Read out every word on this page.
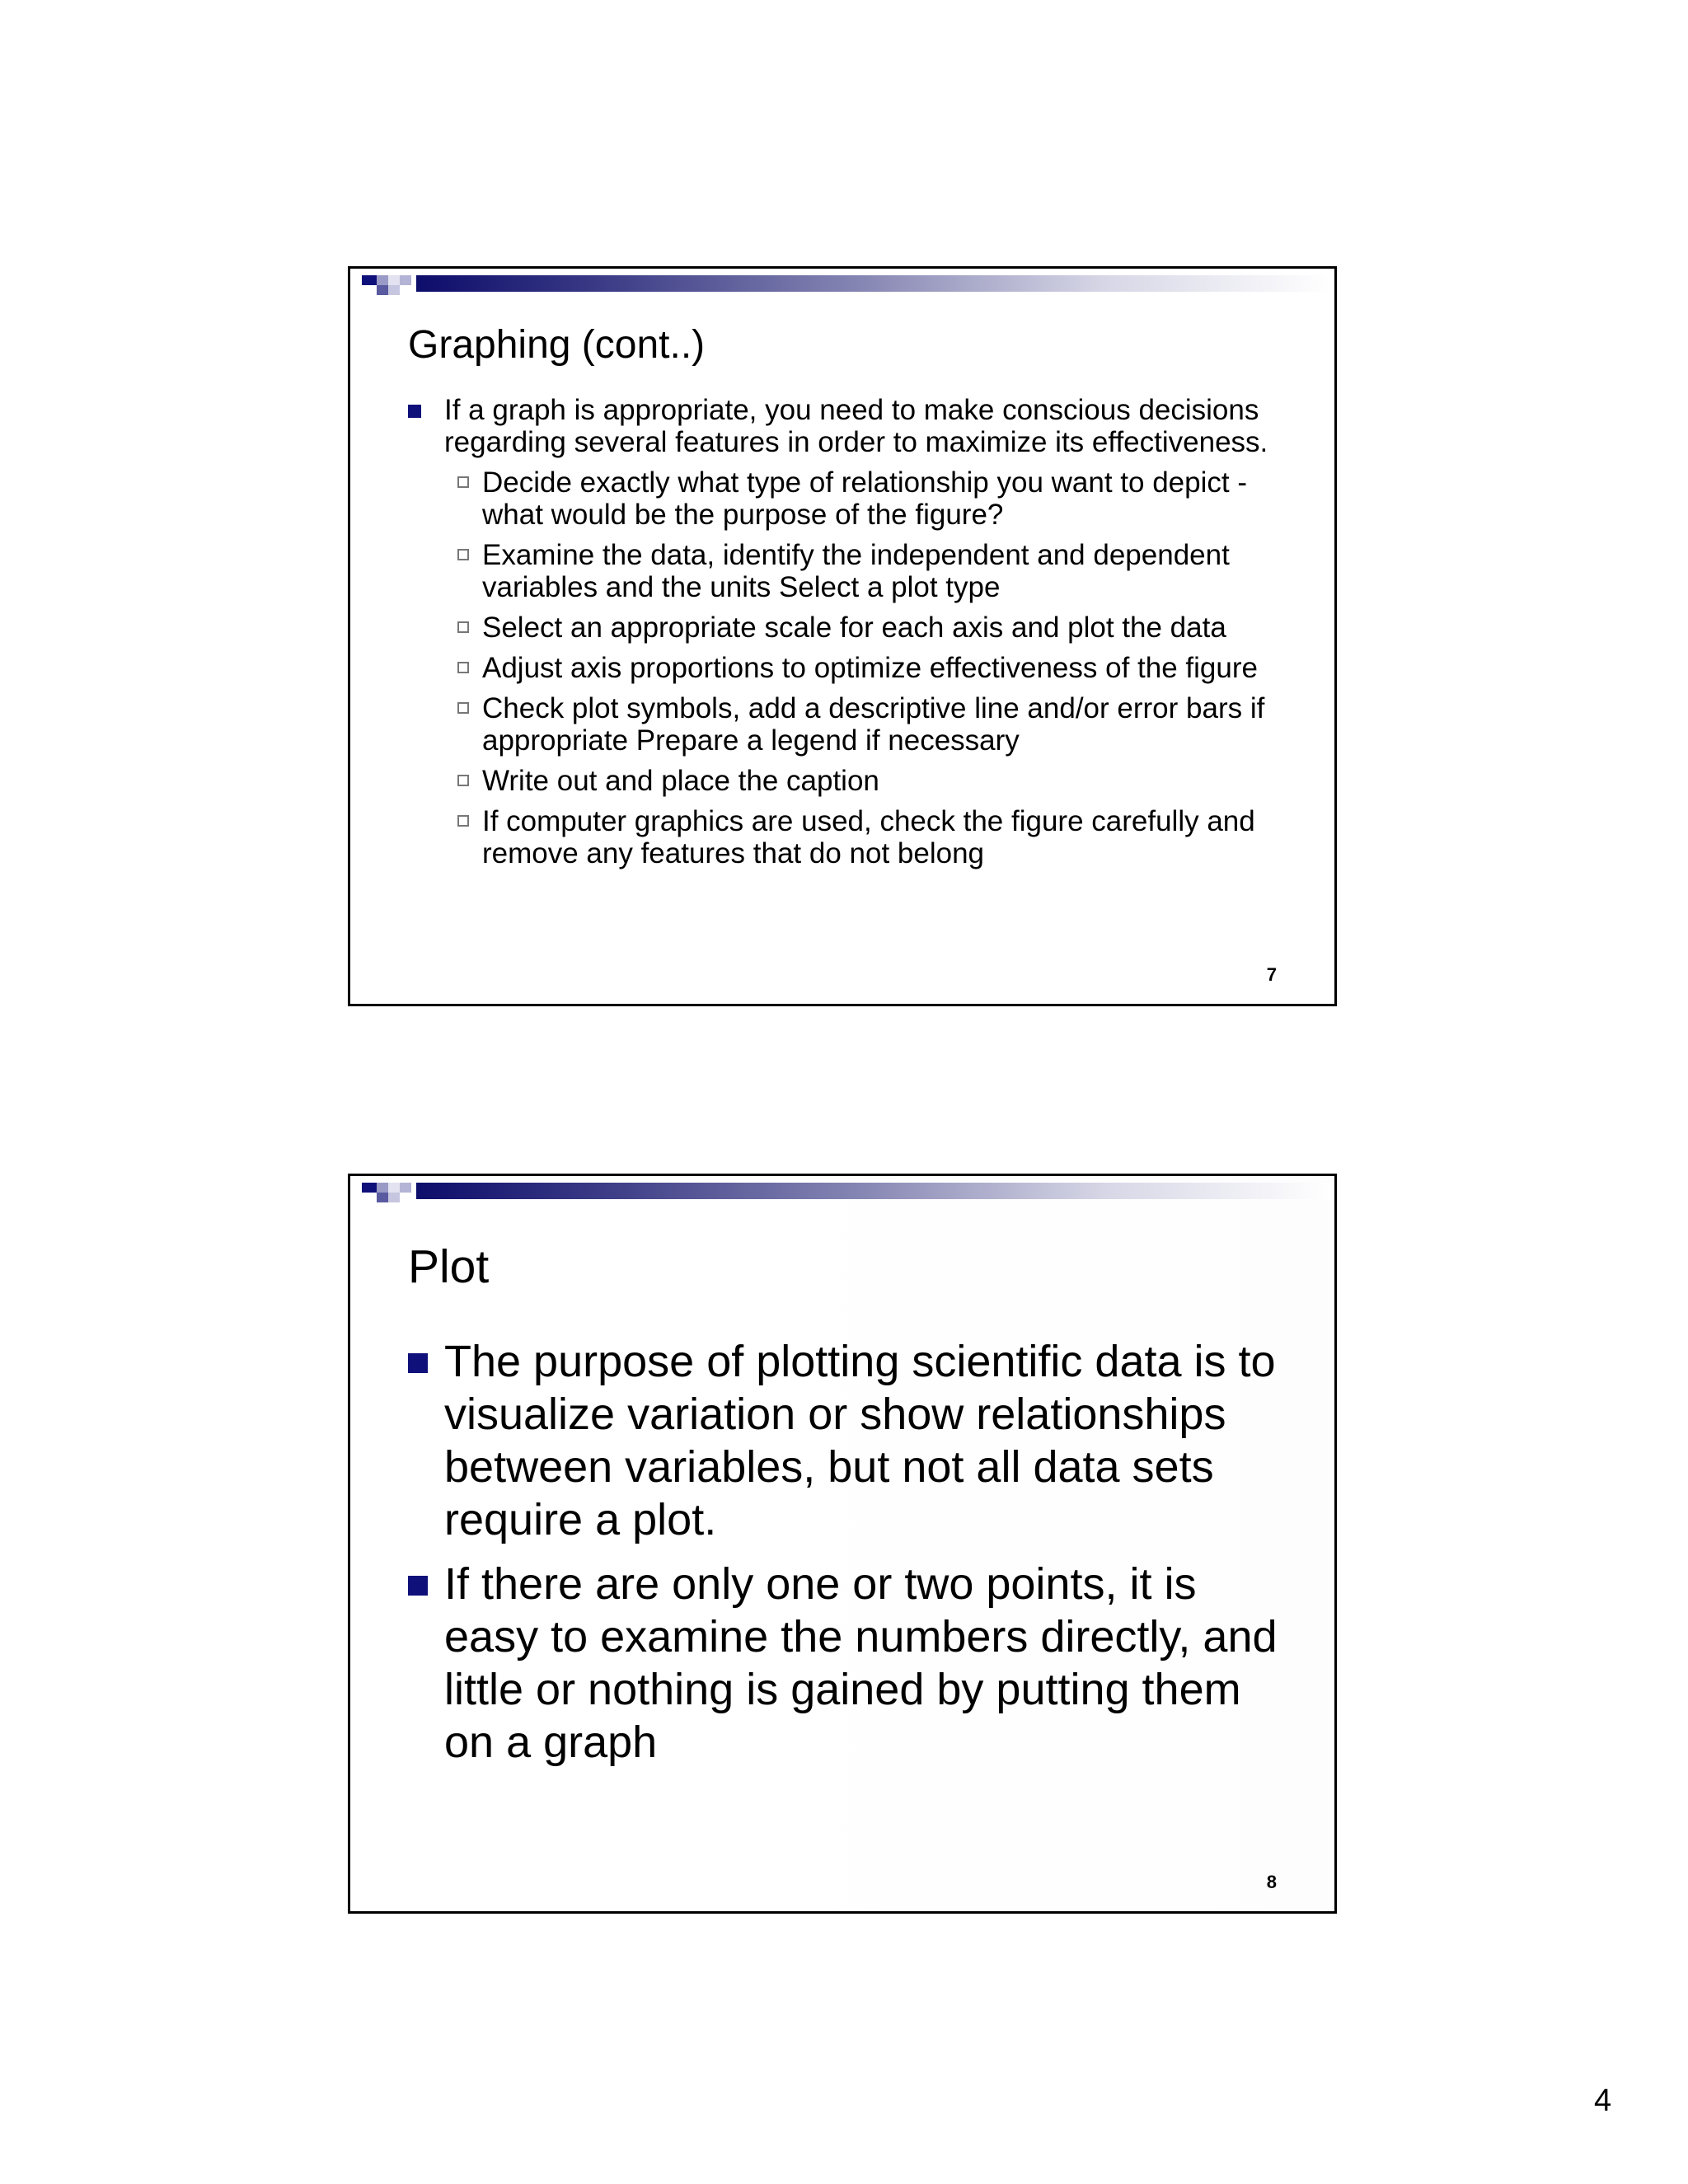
Graphing (cont..)
If a graph is appropriate, you need to make conscious decisions regarding several features in order to maximize its effectiveness.
Decide exactly what type of relationship you want to depict - what would be the purpose of the figure?
Examine the data, identify the independent and dependent variables and the units Select a plot type
Select an appropriate scale for each axis and plot the data
Adjust axis proportions to optimize effectiveness of the figure
Check plot symbols, add a descriptive line and/or error bars if appropriate Prepare a legend if necessary
Write out and place the caption
If computer graphics are used, check the figure carefully and remove any features that do not belong
7
Plot
The purpose of plotting scientific data is to visualize variation or show relationships between variables, but not all data sets require a plot.
If there are only one or two points, it is easy to examine the numbers directly, and little or nothing is gained by putting them on a graph
8
4
